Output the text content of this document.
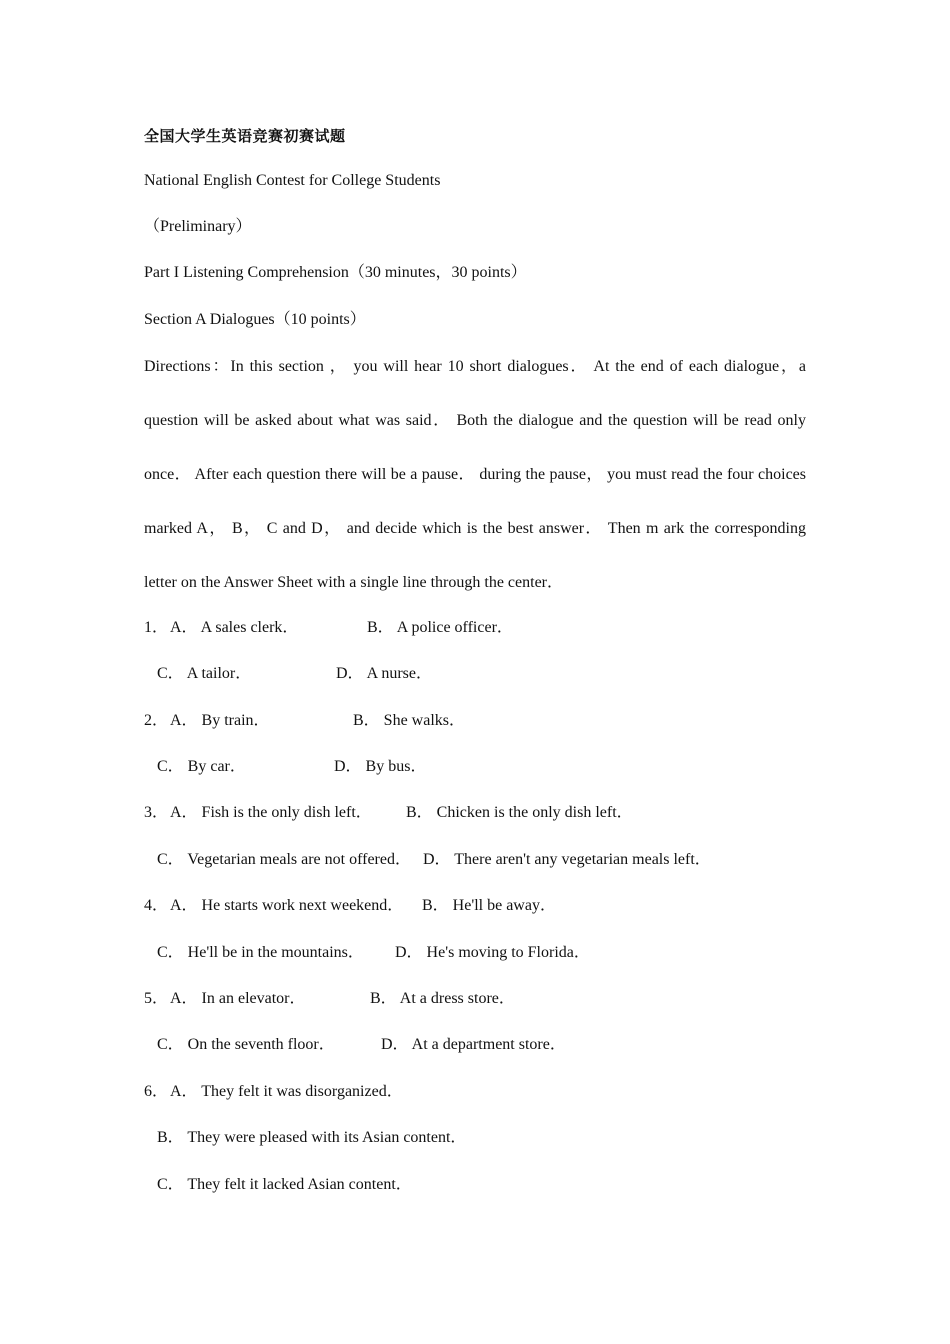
全国大学生英语竞赛初赛试题
National English Contest for College Students
（Preliminary）
Part I Listening Comprehension（30 minutes，30 points）
Section A Dialogues（10 points）
Directions：In this section ， you will hear 10 short dialogues． At the end of each dialogue，a question will be asked about what was said． Both the dialogue and the question will be read only once． After each question there will be a pause． during the pause， you must read the four choices marked A， B， C and D， and decide which is the best answer． Then m ark the corresponding letter on the Answer Sheet with a single line through the center．
1． A． A sales clerk．	B． A police officer．
C． A tailor．	D． A nurse．
2． A． By train．	B． She walks．
C． By car．	D． By bus．
3． A． Fish is the only dish left． B． Chicken is the only dish left．
C． Vegetarian meals are not offered． D． There aren't any vegetarian meals left．
4． A． He starts work next weekend． B． He'll be away．
C． He'll be in the mountains． D． He's moving to Florida．
5． A． In an elevator．	B． At a dress store．
C． On the seventh floor．	D． At a department store．
6． A． They felt it was disorganized．
B． They were pleased with its Asian content．
C． They felt it lacked Asian content．
